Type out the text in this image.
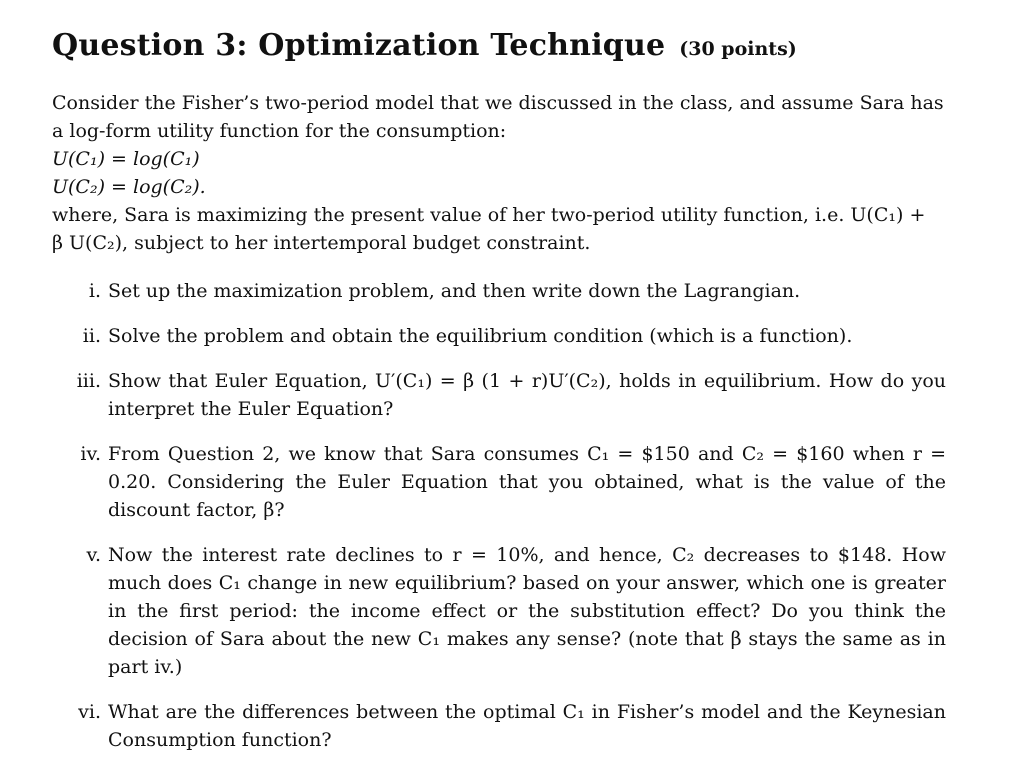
Question 3: Optimization Technique (30 points)

Consider the Fisher’s two-period model that we discussed in the class, and assume Sara has

a log-form utility function for the consumption:

U(C₁) = log(C₁)

U(C₂) = log(C₂).

where, Sara is maximizing the present value of her two-period utility function, i.e. U(C₁) +

β U(C₂), subject to her intertemporal budget constraint.

i. Set up the maximization problem, and then write down the Lagrangian.
ii. Solve the problem and obtain the equilibrium condition (which is a function).
iii. Show that Euler Equation, U′(C₁) = β (1 + r)U′(C₂), holds in equilibrium. How do you interpret the Euler Equation?
iv. From Question 2, we know that Sara consumes C₁ = $150 and C₂ = $160 when r = 0.20. Considering the Euler Equation that you obtained, what is the value of the discount factor, β?
v. Now the interest rate declines to r = 10%, and hence, C₂ decreases to $148. How much does C₁ change in new equilibrium? based on your answer, which one is greater in the first period: the income effect or the substitution effect? Do you think the decision of Sara about the new C₁ makes any sense? (note that β stays the same as in part iv.)
vi. What are the differences between the optimal C₁ in Fisher’s model and the Keynesian Consumption function?
